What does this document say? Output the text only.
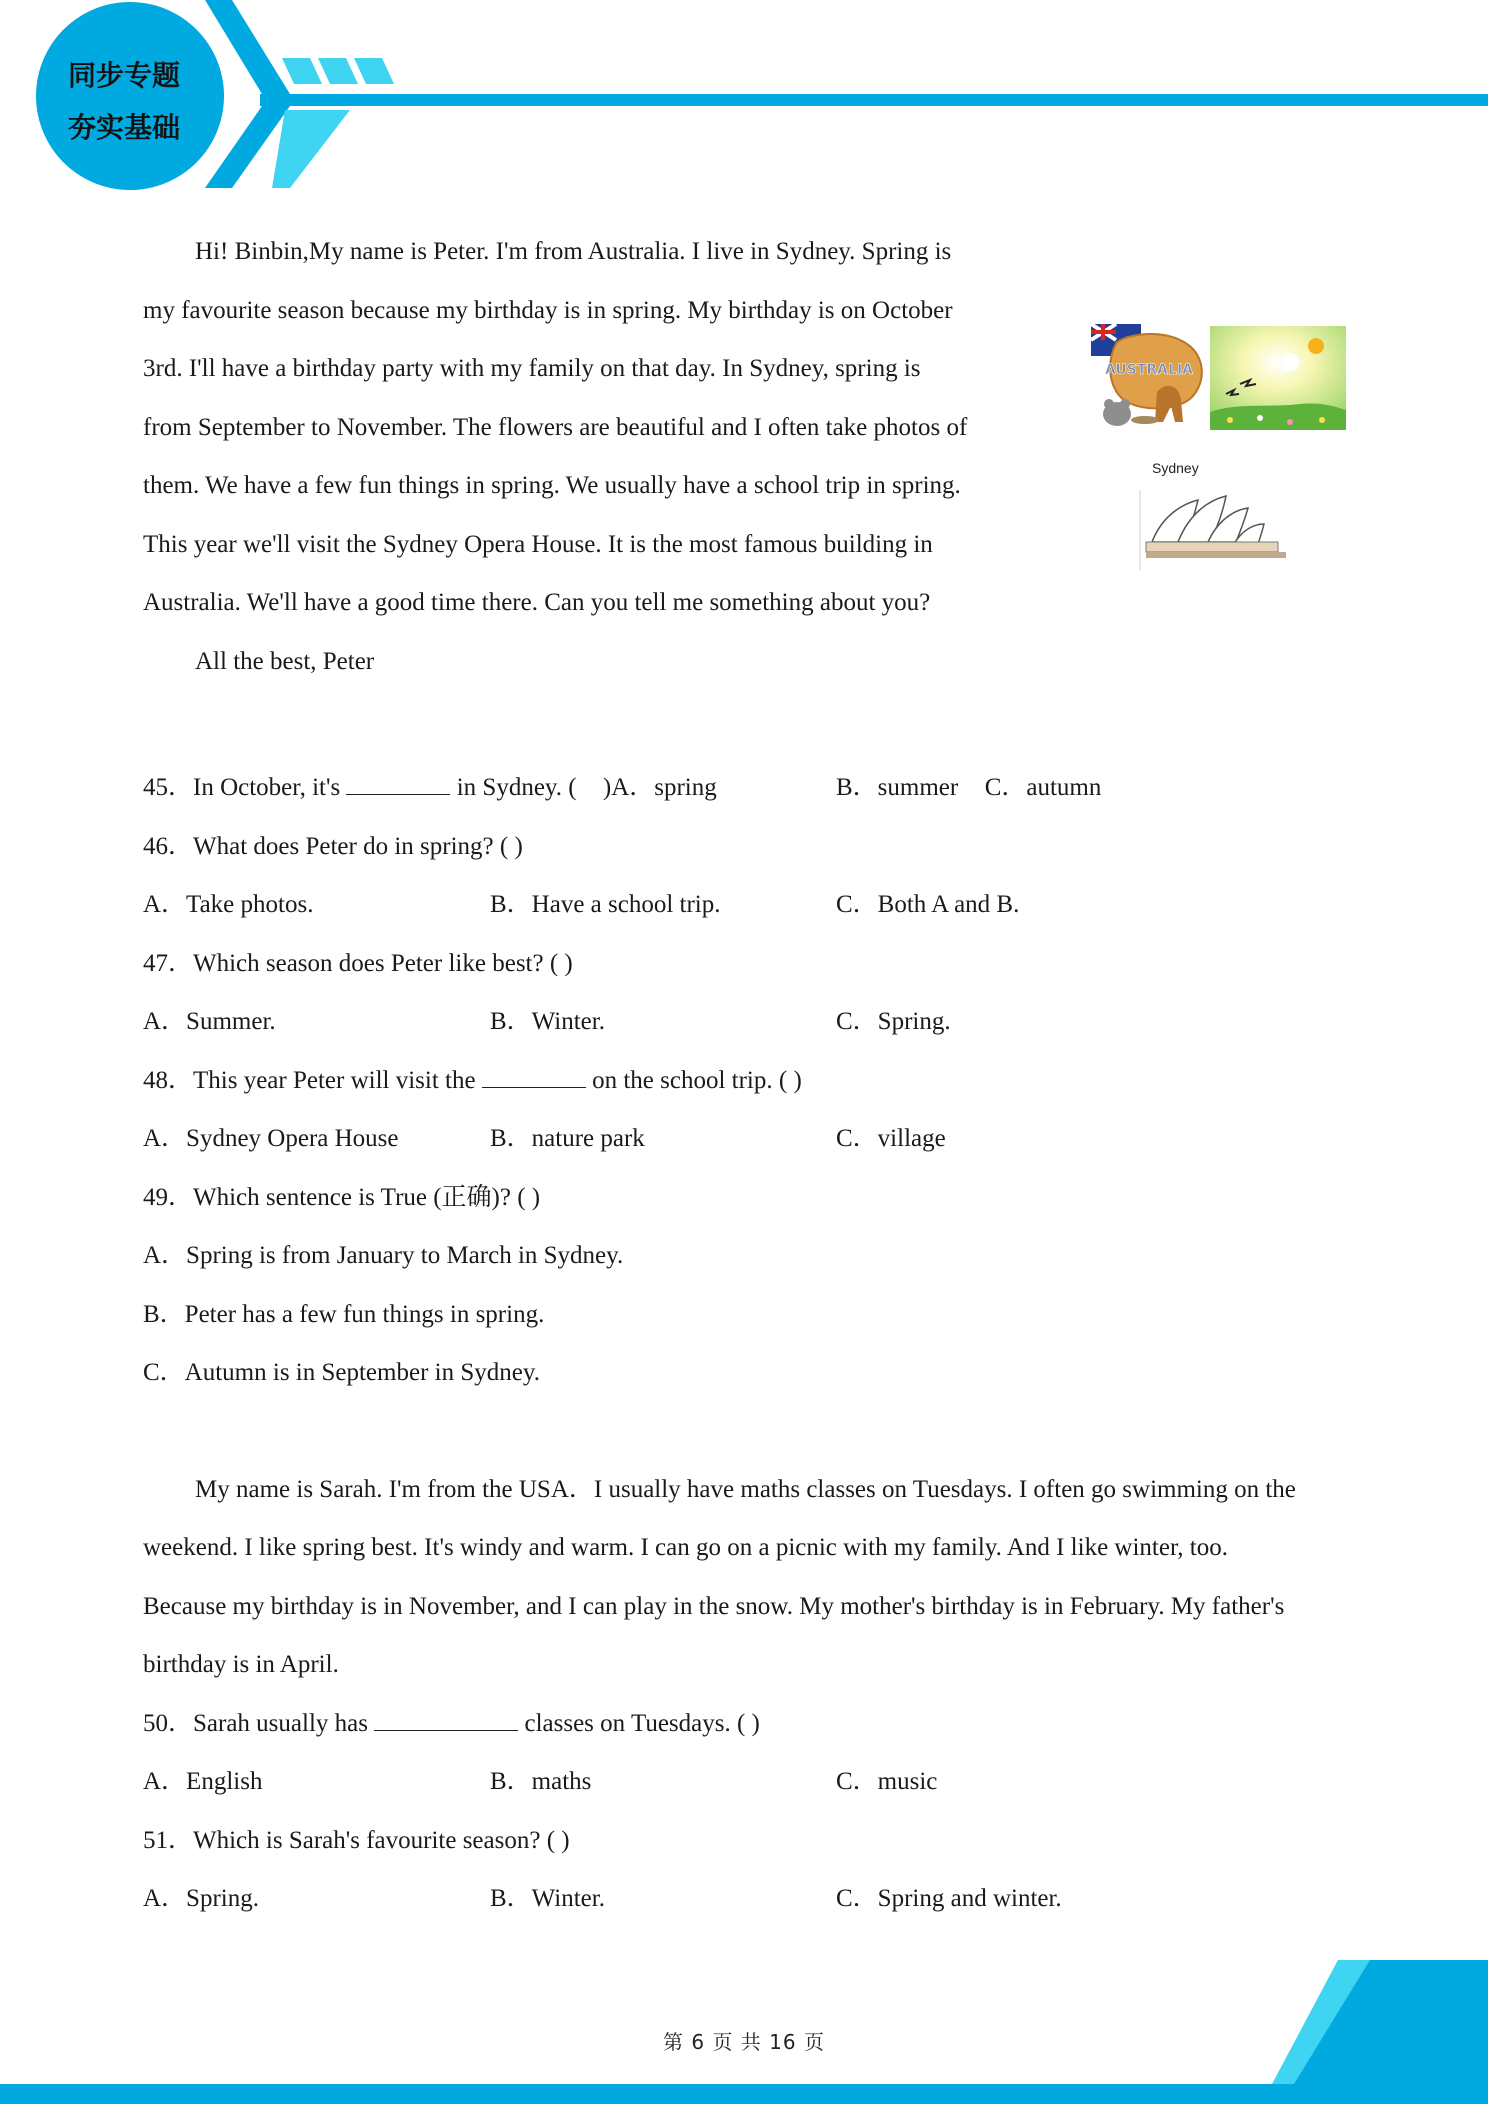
同步专题
夯实基础
Hi! Binbin,My name is Peter. I'm from Australia. I live in Sydney. Spring is
my favourite season because my birthday is in spring. My birthday is on October
3rd. I'll have a birthday party with my family on that day. In Sydney, spring is
from September to November. The flowers are beautiful and I often take photos of
them. We have a few fun things in spring. We usually have a school trip in spring.
This year we'll visit the Sydney Opera House. It is the most famous building in
Australia. We'll have a good time there. Can you tell me something about you?
All the best, Peter
45．In October, it's	in Sydney. ( )A．spring	B．summer C．autumn
46．What does Peter do in spring? ( )
A．Take photos.	B．Have a school trip.	C．Both A and B.
47．Which season does Peter like best? ( )
A．Summer.	B．Winter.	C．Spring.
48．This year Peter will visit the	on the school trip. ( )
A．Sydney Opera House	B．nature park	C．village
49．Which sentence is True (正确)? ( )
A．Spring is from January to March in Sydney.
B．Peter has a few fun things in spring.
C．Autumn is in September in Sydney.
My name is Sarah. I'm from the USA．I usually have maths classes on Tuesdays. I often go swimming on the
weekend. I like spring best. It's windy and warm. I can go on a picnic with my family. And I like winter, too.
Because my birthday is in November, and I can play in the snow. My mother's birthday is in February. My father's
birthday is in April.
50．Sarah usually has	classes on Tuesdays. ( )
A．English	B．maths	C．music
51．Which is Sarah's favourite season? ( )
A．Spring.	B．Winter.	C．Spring and winter.
AUSTRALIA
Sydney
第 6 页 共 16 页
